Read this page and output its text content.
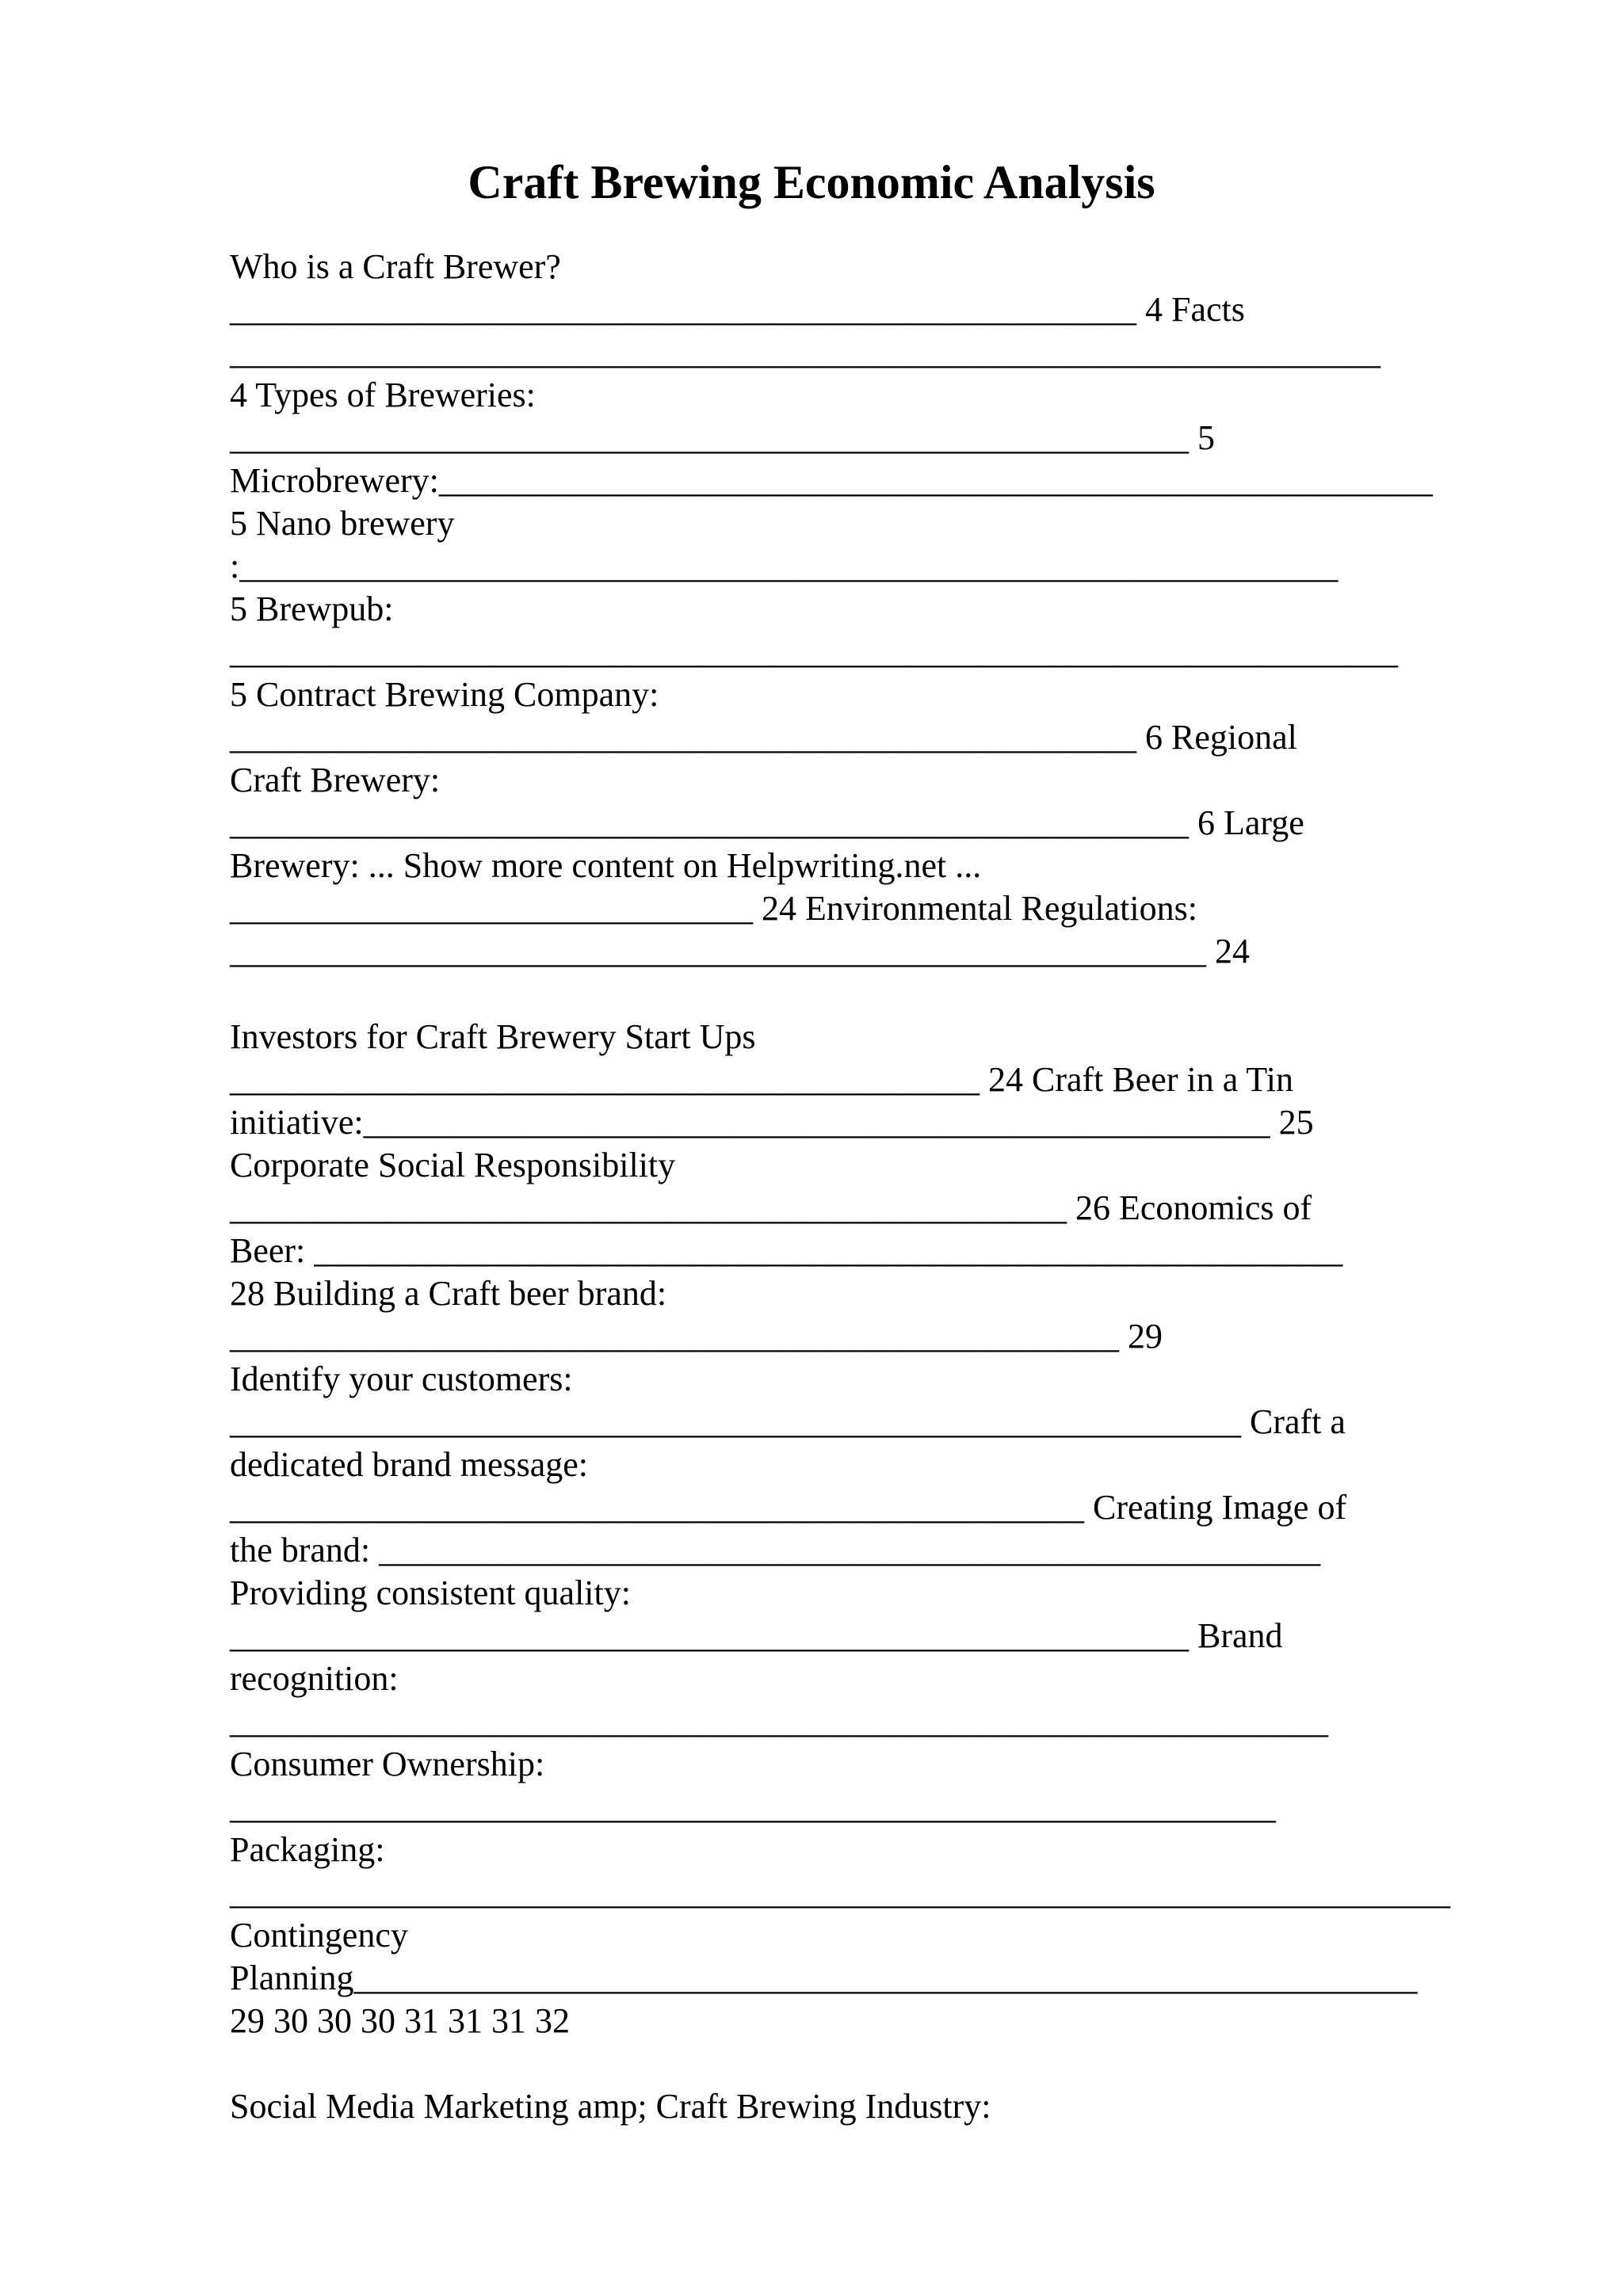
Craft Brewing Economic Analysis
Who is a Craft Brewer?
____________________________________________________ 4 Facts
__________________________________________________________________
4 Types of Breweries:
_______________________________________________________ 5
Microbrewery:_________________________________________________________
5 Nano brewery
:_______________________________________________________________
5 Brewpub:
___________________________________________________________________
5 Contract Brewing Company:
____________________________________________________ 6 Regional
Craft Brewery:
_______________________________________________________ 6 Large
Brewery: ... Show more content on Helpwriting.net ...
______________________________ 24 Environmental Regulations:
________________________________________________________ 24
Investors for Craft Brewery Start Ups
___________________________________________ 24 Craft Beer in a Tin
initiative:____________________________________________________ 25
Corporate Social Responsibility
________________________________________________ 26 Economics of
Beer: ___________________________________________________________
28 Building a Craft beer brand:
___________________________________________________ 29
Identify your customers:
__________________________________________________________ Craft a
dedicated brand message:
_________________________________________________ Creating Image of
the brand: ______________________________________________________
Providing consistent quality:
_______________________________________________________ Brand
recognition:
_______________________________________________________________
Consumer Ownership:
____________________________________________________________
Packaging:
______________________________________________________________________
Contingency
Planning_____________________________________________________________
29 30 30 30 31 31 31 32
Social Media Marketing amp; Craft Brewing Industry:
